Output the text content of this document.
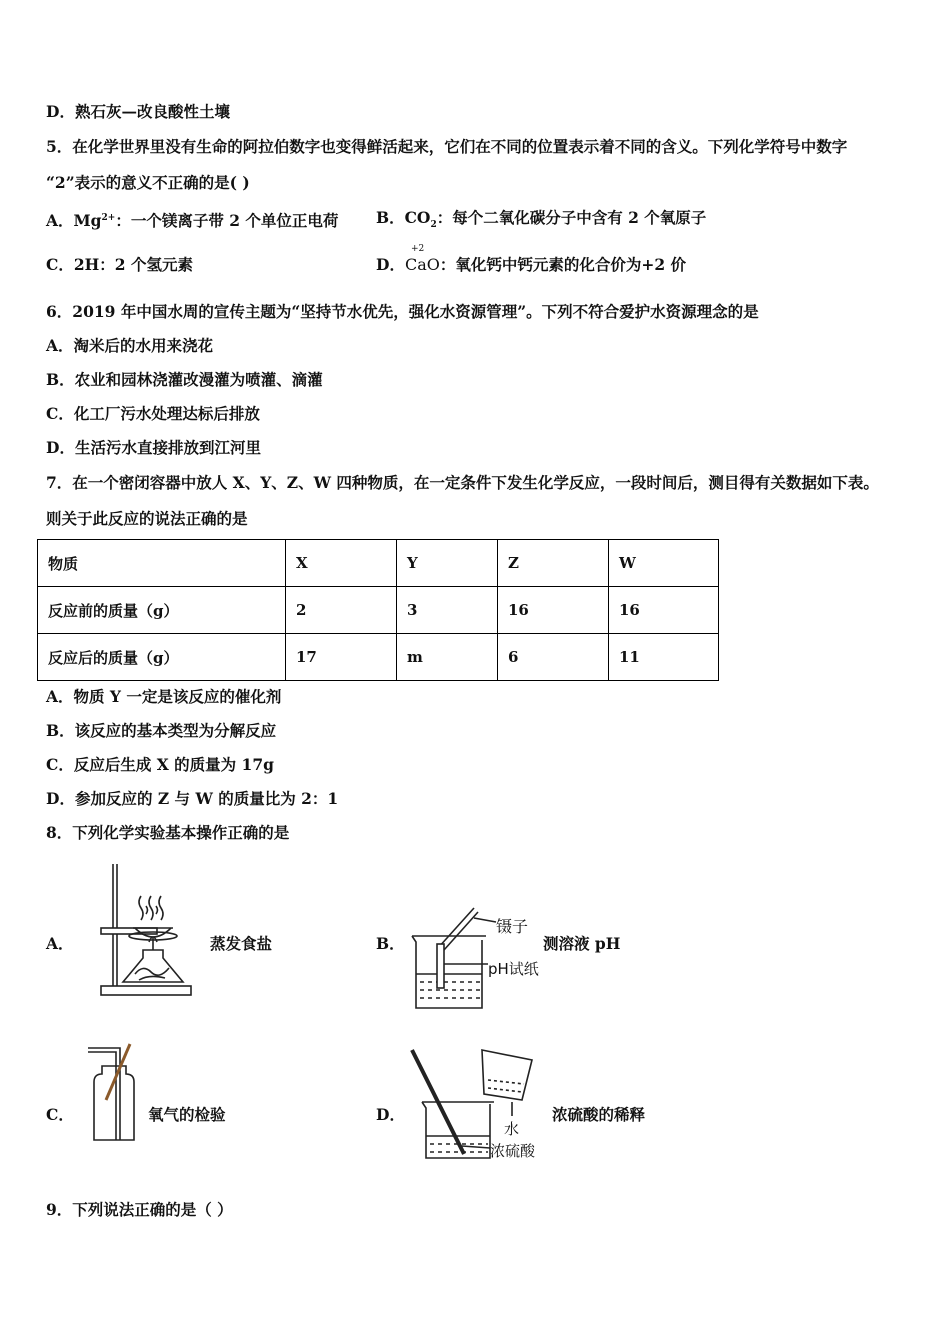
D．熟石灰—改良酸性土壤
5．在化学世界里没有生命的阿拉伯数字也变得鲜活起来，它们在不同的位置表示着不同的含义。下列化学符号中数字
“2”表示的意义不正确的是( )
A．$Mg^{2+}$：一个镁离子带 2 个单位正电荷 B．$CO_2$：每个二氧化碳分子中含有 2 个氧原子
C．2H：2 个氢元素	D．
+2
CaO：氧化钙中钙元素的化合价为+2 价
6．2019 年中国水周的宣传主题为“坚持节水优先，强化水资源管理”。下列不符合爱护水资源理念的是
A．淘米后的水用来浇花
B．农业和园林浇灌改漫灌为喷灌、滴灌
C．化工厂污水处理达标后排放
D．生活污水直接排放到江河里
7．在一个密闭容器中放人 X、Y、Z、W 四种物质，在一定条件下发生化学反应，一段时间后，测目得有关数据如下表。
则关于此反应的说法正确的是
物质	X	Y	Z	W
反应前的质量（g）	2	3	16	16
反应后的质量（g）	17	m	6	11
A．物质 Y 一定是该反应的催化剂
B．该反应的基本类型为分解反应
C．反应后生成 X 的质量为 17g
D．参加反应的 Z 与 W 的质量比为 2：1
8．下列化学实验基本操作正确的是
A．	蒸发食盐	B．
镊子
pH试纸
测溶液 pH
C．	氧气的检验	D．
水
浓硫酸
浓硫酸的稀释
9．下列说法正确的是（ ）
